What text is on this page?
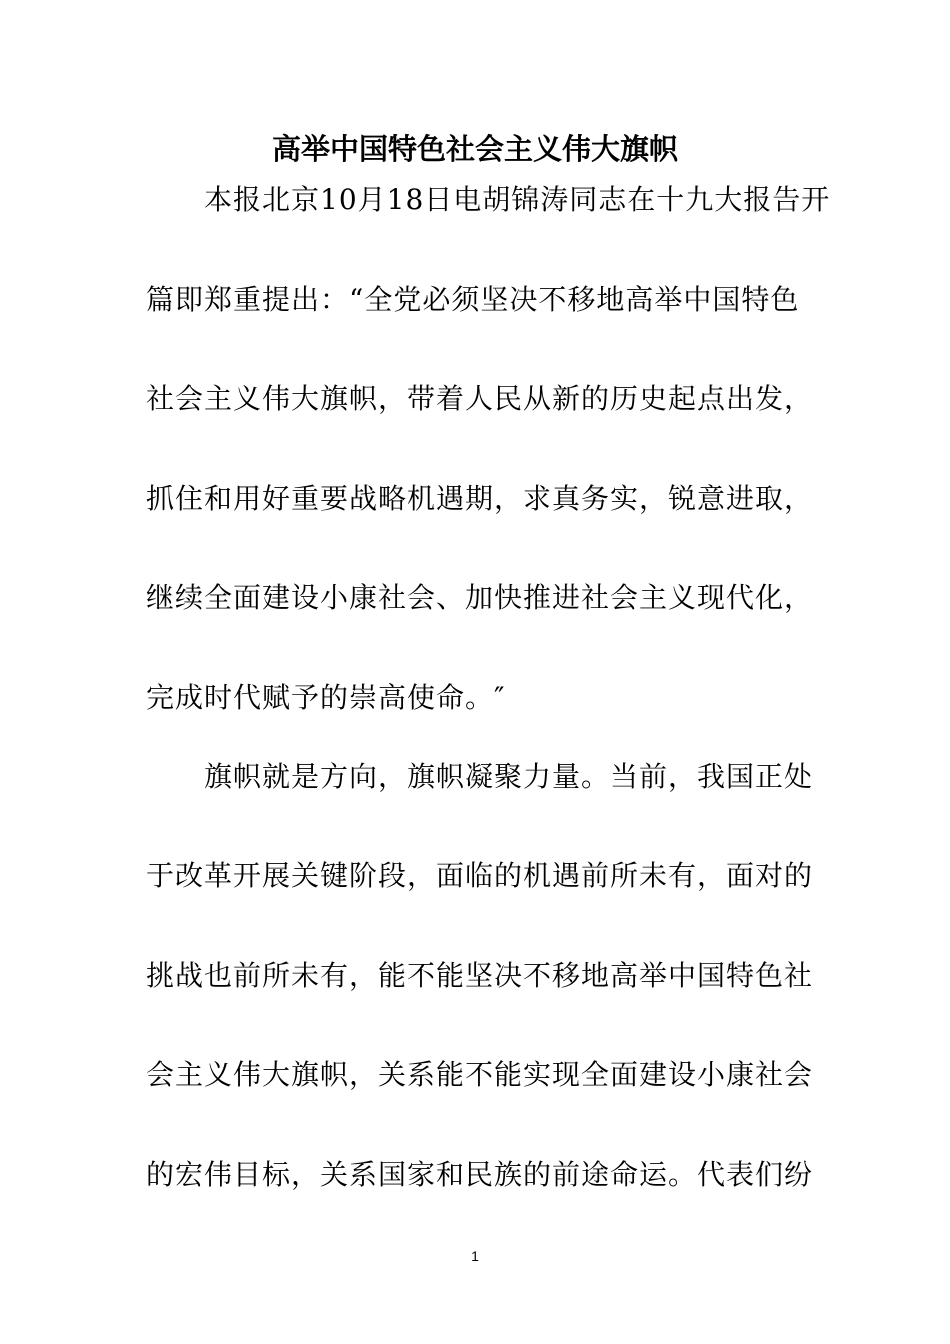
高举中国特色社会主义伟大旗帜
本报北京10月18日电胡锦涛同志在十九大报告开
篇即郑重提出：“全党必须坚决不移地高举中国特色
社会主义伟大旗帜，带着人民从新的历史起点出发，
抓住和用好重要战略机遇期，求真务实，锐意进取，
继续全面建设小康社会、加快推进社会主义现代化，
完成时代赋予的崇高使命。″
旗帜就是方向，旗帜凝聚力量。当前，我国正处
于改革开展关键阶段，面临的机遇前所未有，面对的
挑战也前所未有，能不能坚决不移地高举中国特色社
会主义伟大旗帜，关系能不能实现全面建设小康社会
的宏伟目标，关系国家和民族的前途命运。代表们纷
1
